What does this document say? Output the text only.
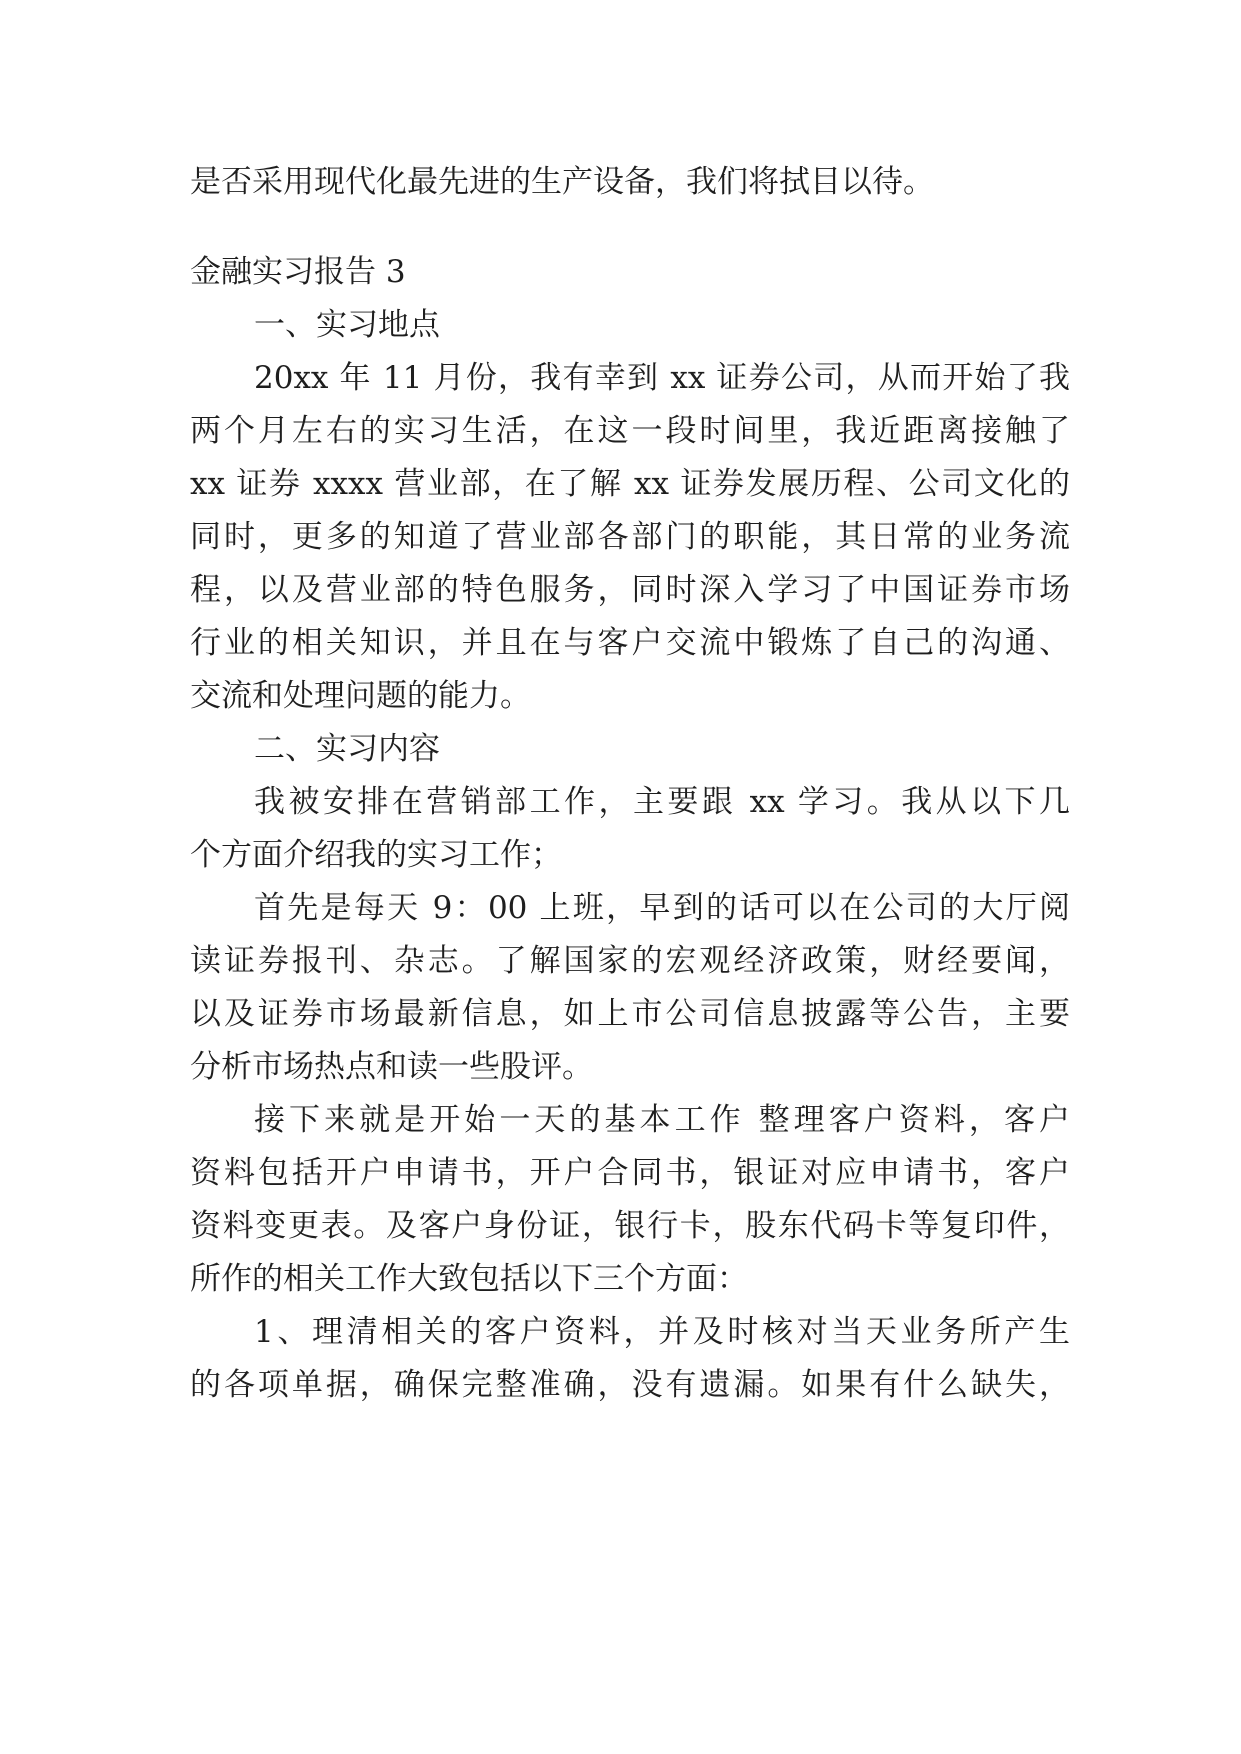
是否采用现代化最先进的生产设备，我们将拭目以待。
金融实习报告 3
一、实习地点
20xx 年 11 月份，我有幸到 xx 证券公司，从而开始了我
两个月左右的实习生活，在这一段时间里，我近距离接触了
xx 证券 xxxx 营业部，在了解 xx 证券发展历程、公司文化的
同时，更多的知道了营业部各部门的职能，其日常的业务流
程，以及营业部的特色服务，同时深入学习了中国证券市场
行业的相关知识，并且在与客户交流中锻炼了自己的沟通、
交流和处理问题的能力。
二、实习内容
我被安排在营销部工作，主要跟 xx 学习。我从以下几
个方面介绍我的实习工作；
首先是每天 9：00 上班，早到的话可以在公司的大厅阅
读证券报刊、杂志。了解国家的宏观经济政策，财经要闻，
以及证券市场最新信息，如上市公司信息披露等公告，主要
分析市场热点和读一些股评。
接下来就是开始一天的基本工作 整理客户资料，客户
资料包括开户申请书，开户合同书，银证对应申请书，客户
资料变更表。及客户身份证，银行卡，股东代码卡等复印件，
所作的相关工作大致包括以下三个方面：
1、理清相关的客户资料，并及时核对当天业务所产生
的各项单据，确保完整准确，没有遗漏。如果有什么缺失，
